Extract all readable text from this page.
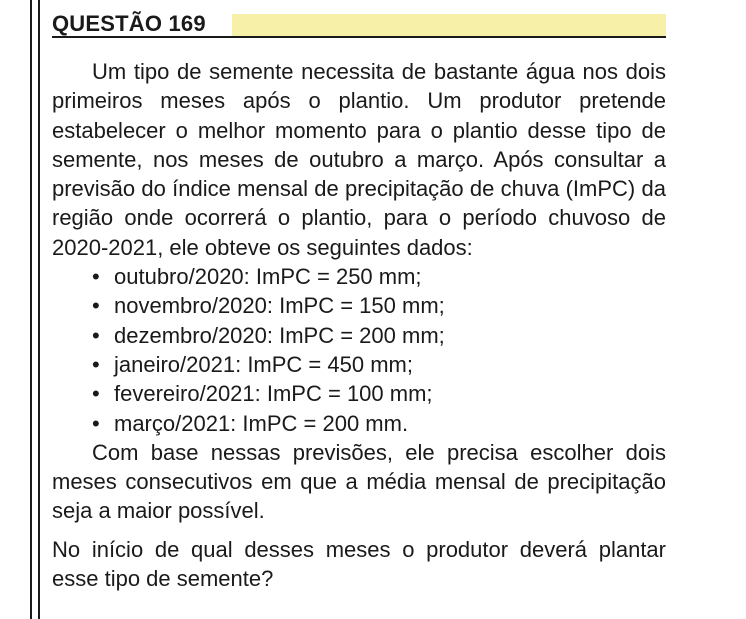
QUESTÃO 169

Um tipo de semente necessita de bastante água nos dois primeiros meses após o plantio. Um produtor pretende estabelecer o melhor momento para o plantio desse tipo de semente, nos meses de outubro a março. Após consultar a previsão do índice mensal de precipitação de chuva (ImPC) da região onde ocorrerá o plantio, para o período chuvoso de 2020-2021, ele obteve os seguintes dados:

• outubro/2020: ImPC = 250 mm;
• novembro/2020: ImPC = 150 mm;
• dezembro/2020: ImPC = 200 mm;
• janeiro/2021: ImPC = 450 mm;
• fevereiro/2021: ImPC = 100 mm;
• março/2021: ImPC = 200 mm.

Com base nessas previsões, ele precisa escolher dois meses consecutivos em que a média mensal de precipitação seja a maior possível.

No início de qual desses meses o produtor deverá plantar esse tipo de semente?
